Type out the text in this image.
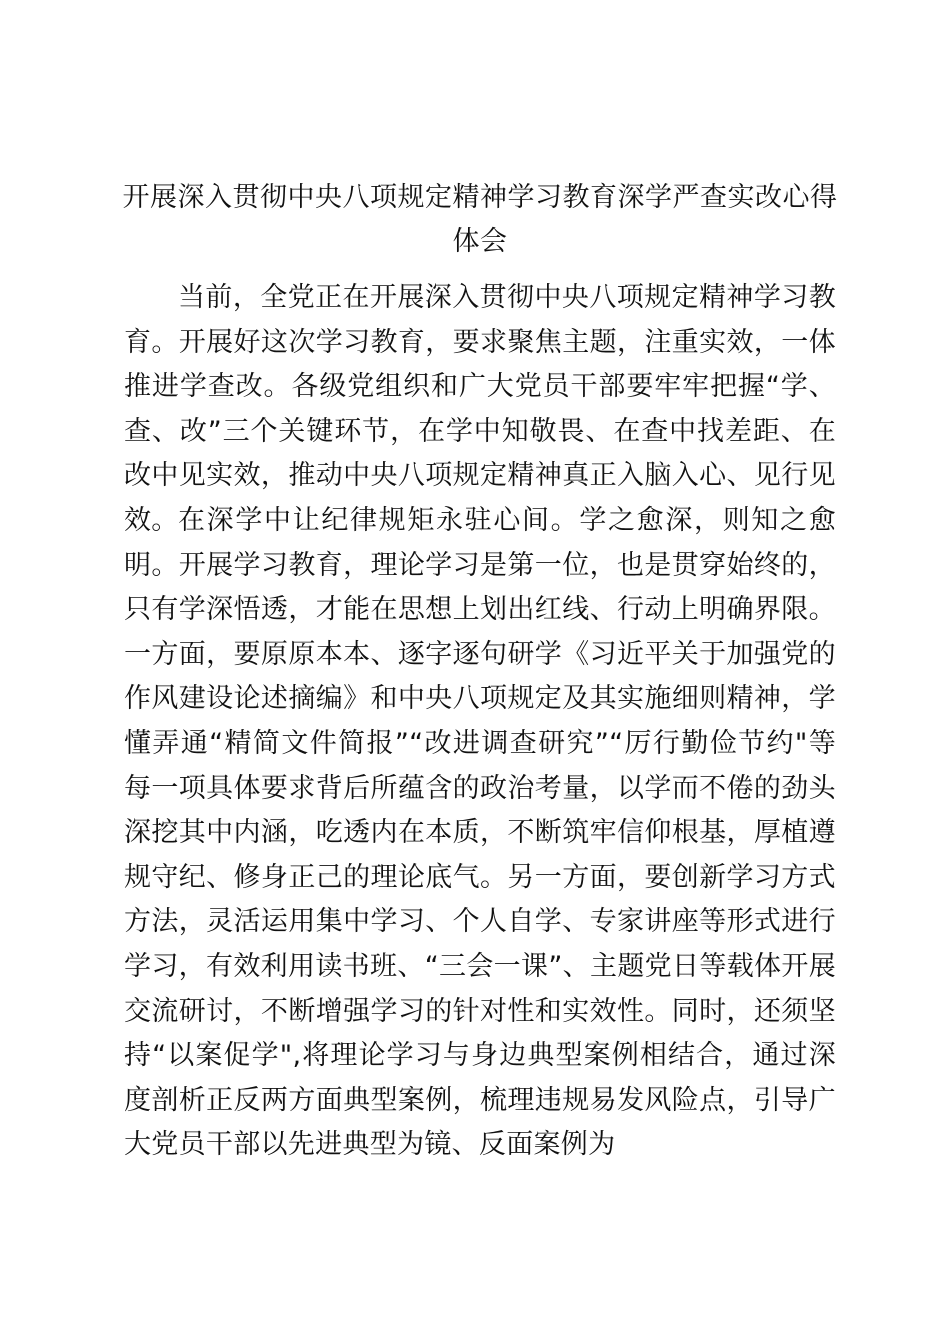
开展深入贯彻中央八项规定精神学习教育深学严查实改心得体会

当前，全党正在开展深入贯彻中央八项规定精神学习教育。开展好这次学习教育，要求聚焦主题，注重实效，一体推进学查改。各级党组织和广大党员干部要牢牢把握“学、查、改”三个关键环节，在学中知敬畏、在查中找差距、在改中见实效，推动中央八项规定精神真正入脑入心、见行见效。 在深学中让纪律规矩永驻心间。学之愈深，则知之愈明。开展学习教育，理论学习是第一位，也是贯穿始终的，只有学深悟透，才能在思想上划出红线、行动上明确界限。一方面，要原原本本、逐字逐句研学《习近平关于加强党的作风建设论述摘编》和中央八项规定及其实施细则精神，学懂弄通“精简文件简报”“改进调查研究”“厉行勤俭节约"等每一项具体要求背后所蕴含的政治考量，以学而不倦的劲头深挖其中内涵，吃透内在本质，不断筑牢信仰根基，厚植遵规守纪、修身正己的理论底气。另一方面，要创新学习方式方法，灵活运用集中学习、个人自学、专家讲座等形式进行学习，有效利用读书班、“三会一课”、主题党日等载体开展交流研讨，不断增强学习的针对性和实效性。同时，还须坚持“以案促学",将理论学习与身边典型案例相结合，通过深度剖析正反两方面典型案例，梳理违规易发风险点，引导广大党员干部以先进典型为镜、反面案例为
